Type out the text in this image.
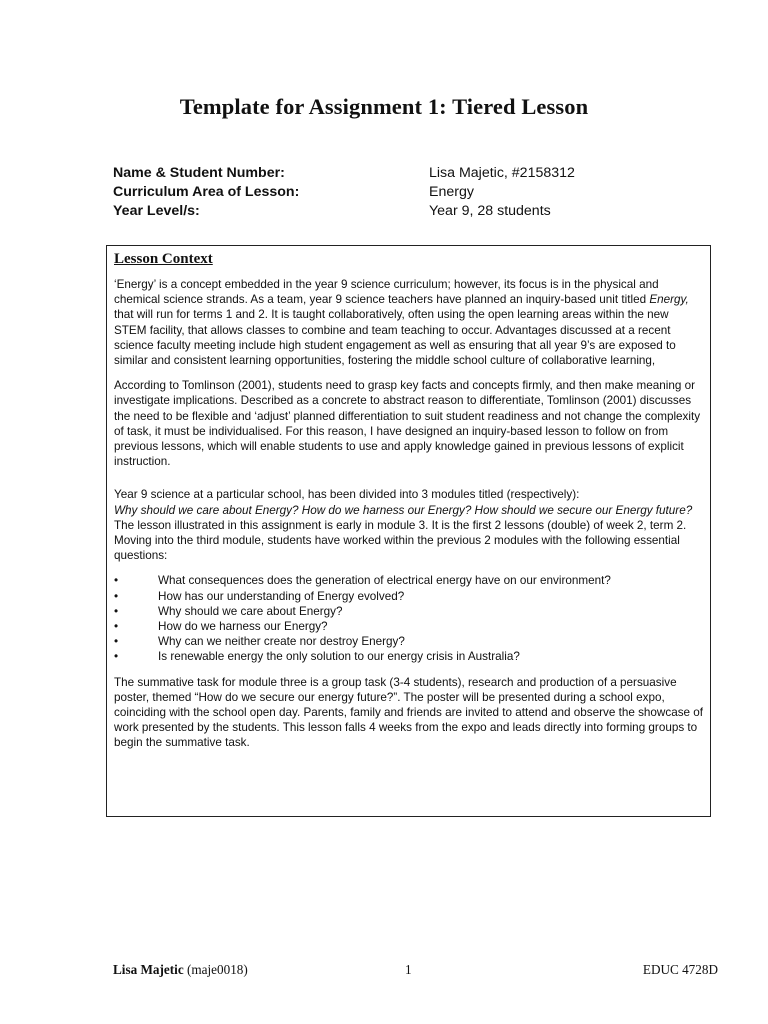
Template for Assignment 1: Tiered Lesson
Name & Student Number:	Lisa Majetic, #2158312
Curriculum Area of Lesson:	Energy
Year Level/s:	Year 9, 28 students
Lesson Context

‘Energy’ is a concept embedded in the year 9 science curriculum; however, its focus is in the physical and chemical science strands. As a team, year 9 science teachers have planned an inquiry-based unit titled Energy, that will run for terms 1 and 2. It is taught collaboratively, often using the open learning areas within the new STEM facility, that allows classes to combine and team teaching to occur. Advantages discussed at a recent science faculty meeting include high student engagement as well as ensuring that all year 9’s are exposed to similar and consistent learning opportunities, fostering the middle school culture of collaborative learning,

According to Tomlinson (2001), students need to grasp key facts and concepts firmly, and then make meaning or investigate implications. Described as a concrete to abstract reason to differentiate, Tomlinson (2001) discusses the need to be flexible and ‘adjust’ planned differentiation to suit student readiness and not change the complexity of task, it must be individualised. For this reason, I have designed an inquiry-based lesson to follow on from previous lessons, which will enable students to use and apply knowledge gained in previous lessons of explicit instruction.

Year 9 science at a particular school, has been divided into 3 modules titled (respectively):
Why should we care about Energy? How do we harness our Energy? How should we secure our Energy future? The lesson illustrated in this assignment is early in module 3. It is the first 2 lessons (double) of week 2, term 2. Moving into the third module, students have worked within the previous 2 modules with the following essential questions:

•	What consequences does the generation of electrical energy have on our environment?
•	How has our understanding of Energy evolved?
•	Why should we care about Energy?
•	How do we harness our Energy?
•	Why can we neither create nor destroy Energy?
•	Is renewable energy the only solution to our energy crisis in Australia?

The summative task for module three is a group task (3-4 students), research and production of a persuasive poster, themed “How do we secure our energy future?”. The poster will be presented during a school expo, coinciding with the school open day. Parents, family and friends are invited to attend and observe the showcase of work presented by the students. This lesson falls 4 weeks from the expo and leads directly into forming groups to begin the summative task.

Lisa Majetic (maje0018)	1	EDUC 4728D
